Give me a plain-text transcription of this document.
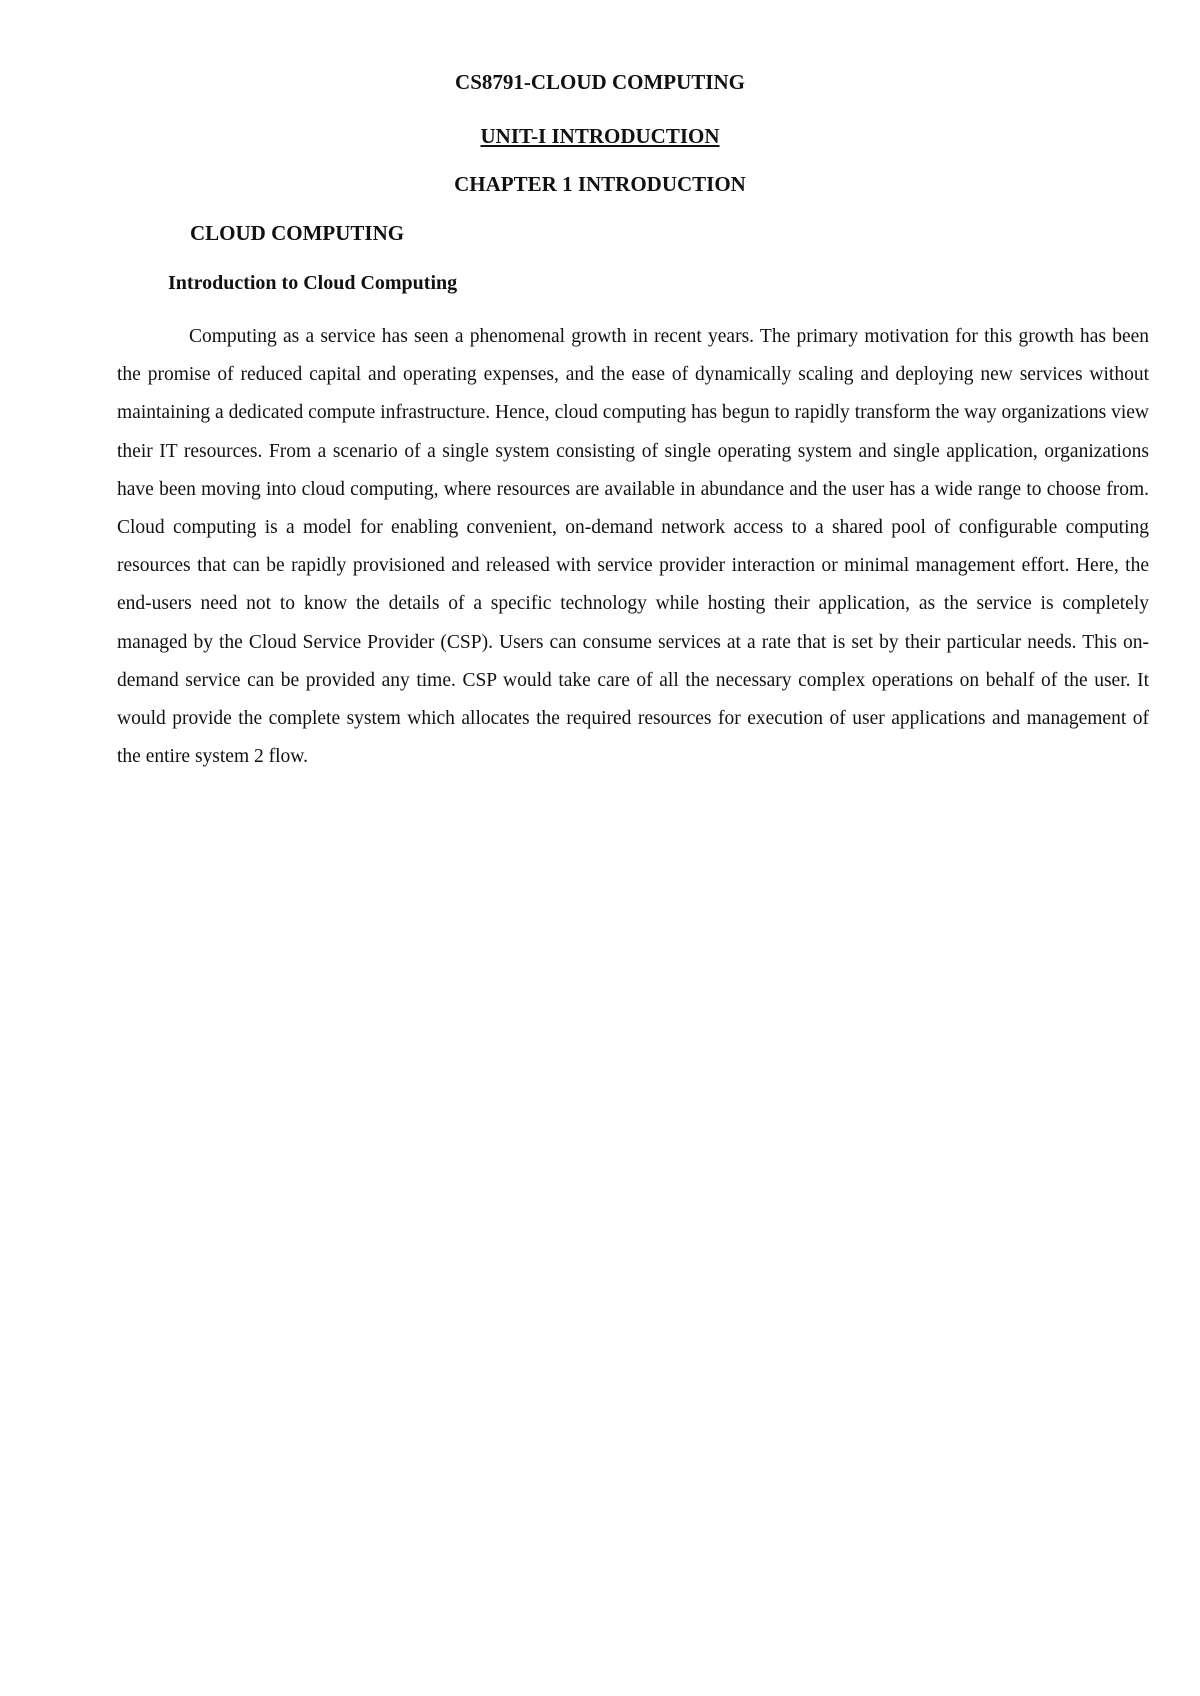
CS8791-CLOUD COMPUTING
UNIT-I INTRODUCTION
CHAPTER 1 INTRODUCTION
CLOUD COMPUTING
Introduction to Cloud Computing

Computing as a service has seen a phenomenal growth in recent years. The primary motivation for this growth has been the promise of reduced capital and operating expenses, and the ease of dynamically scaling and deploying new services without maintaining a dedicated compute infrastructure. Hence, cloud computing has begun to rapidly transform the way organizations view their IT resources. From a scenario of a single system consisting of single operating system and single application, organizations have been moving into cloud computing, where resources are available in abundance and the user has a wide range to choose from. Cloud computing is a model for enabling convenient, on-demand network access to a shared pool of configurable computing resources that can be rapidly provisioned and released with service provider interaction or minimal management effort. Here, the end-users need not to know the details of a specific technology while hosting their application, as the service is completely managed by the Cloud Service Provider (CSP). Users can consume services at a rate that is set by their particular needs. This on-demand service can be provided any time. CSP would take care of all the necessary complex operations on behalf of the user. It would provide the complete system which allocates the required resources for execution of user applications and management of the entire system 2 flow.
